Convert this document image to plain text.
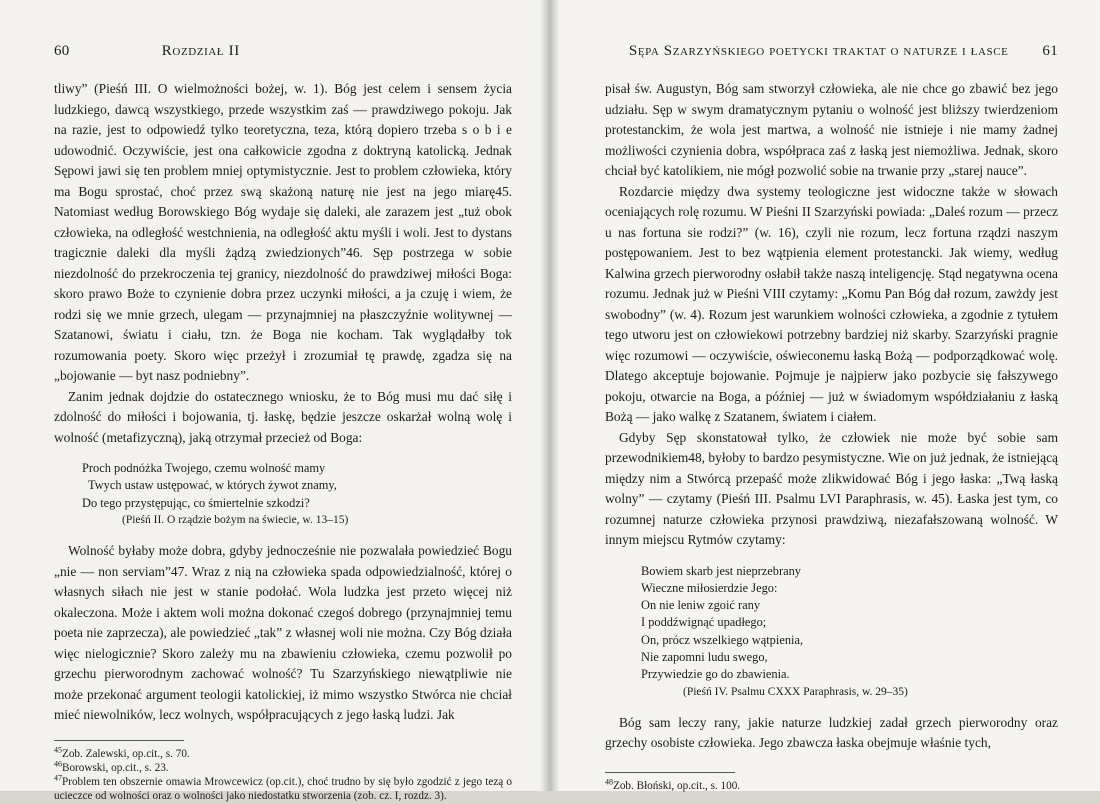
60	Rozdział II

tliwy” (Pieśń III. O wielmożności bożej, w. 1). Bóg jest celem i sensem życia ludzkiego, dawcą wszystkiego, przede wszystkim zaś — prawdziwego pokoju. Jak na razie, jest to odpowiedź tylko teoretyczna, teza, którą dopiero trzeba s o b i e udowodnić. Oczywiście, jest ona całkowicie zgodna z doktryną katolicką. Jednak Sępowi jawi się ten problem mniej optymistycznie. Jest to problem człowieka, który ma Bogu sprostać, choć przez swą skażoną naturę nie jest na jego miarę45. Natomiast według Borowskiego Bóg wydaje się daleki, ale zarazem jest „tuż obok człowieka, na odległość westchnienia, na odległość aktu myśli i woli. Jest to dystans tragicznie daleki dla myśli żądzą zwiedzionych”46. Sęp postrzega w sobie niezdolność do przekroczenia tej granicy, niezdolność do prawdziwej miłości Boga: skoro prawo Boże to czynienie dobra przez uczynki miłości, a ja czuję i wiem, że rodzi się we mnie grzech, ulegam — przynajmniej na płaszczyźnie wolitywnej — Szatanowi, światu i ciału, tzn. że Boga nie kocham. Tak wyglądałby tok rozumowania poety. Skoro więc przeżył i zrozumiał tę prawdę, zgadza się na „bojowanie — byt nasz podniebny”.

Zanim jednak dojdzie do ostatecznego wniosku, że to Bóg musi mu dać siłę i zdolność do miłości i bojowania, tj. łaskę, będzie jeszcze oskarżał wolną wolę i wolność (metafizyczną), jaką otrzymał przecież od Boga:

Proch podnóżka Twojego, czemu wolność mamy
Twych ustaw ustępować, w których żywot znamy,
Do tego przystępując, co śmiertelnie szkodzi?
(Pieśń II. O rządzie bożym na świecie, w. 13–15)

Wolność byłaby może dobra, gdyby jednocześnie nie pozwalała powiedzieć Bogu „nie — non serviam”47. Wraz z nią na człowieka spada odpowiedzialność, której o własnych siłach nie jest w stanie podołać. Wola ludzka jest przeto więcej niż okaleczona. Może i aktem woli można dokonać czegoś dobrego (przynajmniej temu poeta nie zaprzecza), ale powiedzieć „tak” z własnej woli nie można. Czy Bóg działa więc nielogicznie? Skoro zależy mu na zbawieniu człowieka, czemu pozwolił po grzechu pierworodnym zachować wolność? Tu Szarzyńskiego niewątpliwie nie może przekonać argument teologii katolickiej, iż mimo wszystko Stwórca nie chciał mieć niewolników, lecz wolnych, współpracujących z jego łaską ludzi. Jak

$^{45}$Zob. Zalewski, op.cit., s. 70.

$^{46}$Borowski, op.cit., s. 23.

$^{47}$Problem ten obszernie omawia Mrowcewicz (op.cit.), choć trudno by się było zgodzić z jego tezą o ucieczce od wolności oraz o wolności jako niedostatku stworzenia (zob. cz. I, rozdz. 3).

Sępa Szarzyńskiego poetycki traktat o naturze i łasce 61

pisał św. Augustyn, Bóg sam stworzył człowieka, ale nie chce go zbawić bez jego udziału. Sęp w swym dramatycznym pytaniu o wolność jest bliższy twierdzeniom protestanckim, że wola jest martwa, a wolność nie istnieje i nie mamy żadnej możliwości czynienia dobra, współpraca zaś z łaską jest niemożliwa. Jednak, skoro chciał być katolikiem, nie mógł pozwolić sobie na trwanie przy „starej nauce”.

Rozdarcie między dwa systemy teologiczne jest widoczne także w słowach oceniających rolę rozumu. W Pieśni II Szarzyński powiada: „Daleś rozum — przecz u nas fortuna sie rodzi?” (w. 16), czyli nie rozum, lecz fortuna rządzi naszym postępowaniem. Jest to bez wątpienia element protestancki. Jak wiemy, według Kalwina grzech pierworodny osłabił także naszą inteligencję. Stąd negatywna ocena rozumu. Jednak już w Pieśni VIII czytamy: „Komu Pan Bóg dał rozum, zawżdy jest swobodny” (w. 4). Rozum jest warunkiem wolności człowieka, a zgodnie z tytułem tego utworu jest on człowiekowi potrzebny bardziej niż skarby. Szarzyński pragnie więc rozumowi — oczywiście, oświeconemu łaską Bożą — podporządkować wolę. Dlatego akceptuje bojowanie. Pojmuje je najpierw jako pozbycie się fałszywego pokoju, otwarcie na Boga, a później — już w świadomym współdziałaniu z łaską Bożą — jako walkę z Szatanem, światem i ciałem.

Gdyby Sęp skonstatował tylko, że człowiek nie może być sobie sam przewodnikiem48, byłoby to bardzo pesymistyczne. Wie on już jednak, że istniejącą między nim a Stwórcą przepaść może zlikwidować Bóg i jego łaska: „Twą łaską wolny” — czytamy (Pieśń III. Psalmu LVI Paraphrasis, w. 45). Łaska jest tym, co rozumnej naturze człowieka przynosi prawdziwą, niezafałszowaną wolność. W innym miejscu Rytmów czytamy:

Bowiem skarb jest nieprzebrany
Wieczne miłosierdzie Jego:
On nie leniw zgoić rany
I poddźwignąć upadłego;
On, prócz wszelkiego wątpienia,
Nie zapomni ludu swego,
Przywiedzie go do zbawienia.
(Pieśń IV. Psalmu CXXX Paraphrasis, w. 29–35)

Bóg sam leczy rany, jakie naturze ludzkiej zadał grzech pierworodny oraz grzechy osobiste człowieka. Jego zbawcza łaska obejmuje właśnie tych,

$^{48}$Zob. Błoński, op.cit., s. 100.
